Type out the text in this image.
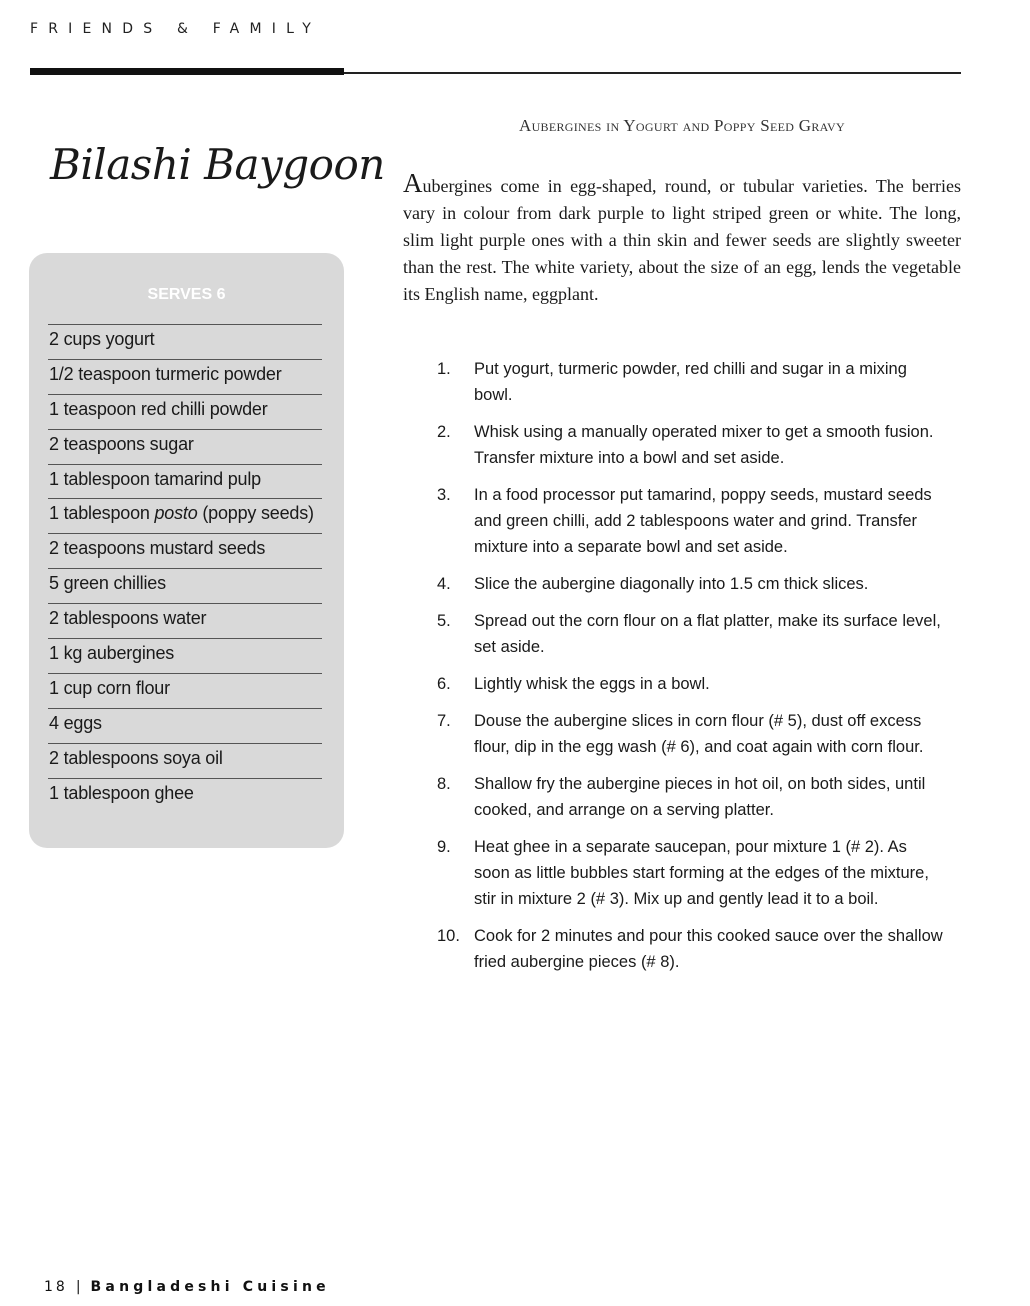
FRIENDS & FAMILY
Bilashi Baygoon
SERVES 6
2 cups yogurt
1/2 teaspoon turmeric powder
1 teaspoon red chilli powder
2 teaspoons sugar
1 tablespoon tamarind pulp
1 tablespoon posto (poppy seeds)
2 teaspoons mustard seeds
5 green chillies
2 tablespoons water
1 kg aubergines
1 cup corn flour
4 eggs
2 tablespoons soya oil
1 tablespoon ghee
Aubergines in Yogurt and Poppy Seed Gravy

Aubergines come in egg-shaped, round, or tubular varieties. The berries vary in colour from dark purple to light striped green or white. The long, slim light purple ones with a thin skin and fewer seeds are slightly sweeter than the rest. The white variety, about the size of an egg, lends the vegetable its English name, eggplant.

1. Put yogurt, turmeric powder, red chilli and sugar in a mixing bowl.
2. Whisk using a manually operated mixer to get a smooth fusion. Transfer mixture into a bowl and set aside.
3. In a food processor put tamarind, poppy seeds, mustard seeds and green chilli, add 2 tablespoons water and grind. Transfer mixture into a separate bowl and set aside.
4. Slice the aubergine diagonally into 1.5 cm thick slices.
5. Spread out the corn flour on a flat platter, make its surface level, set aside.
6. Lightly whisk the eggs in a bowl.
7. Douse the aubergine slices in corn flour (# 5), dust off excess flour, dip in the egg wash (# 6), and coat again with corn flour.
8. Shallow fry the aubergine pieces in hot oil, on both sides, until cooked, and arrange on a serving platter.
9. Heat ghee in a separate saucepan, pour mixture 1 (# 2). As soon as little bubbles start forming at the edges of the mixture, stir in mixture 2 (# 3). Mix up and gently lead it to a boil.
10. Cook for 2 minutes and pour this cooked sauce over the shallow fried aubergine pieces (# 8).
18 | Bangladeshi Cuisine
